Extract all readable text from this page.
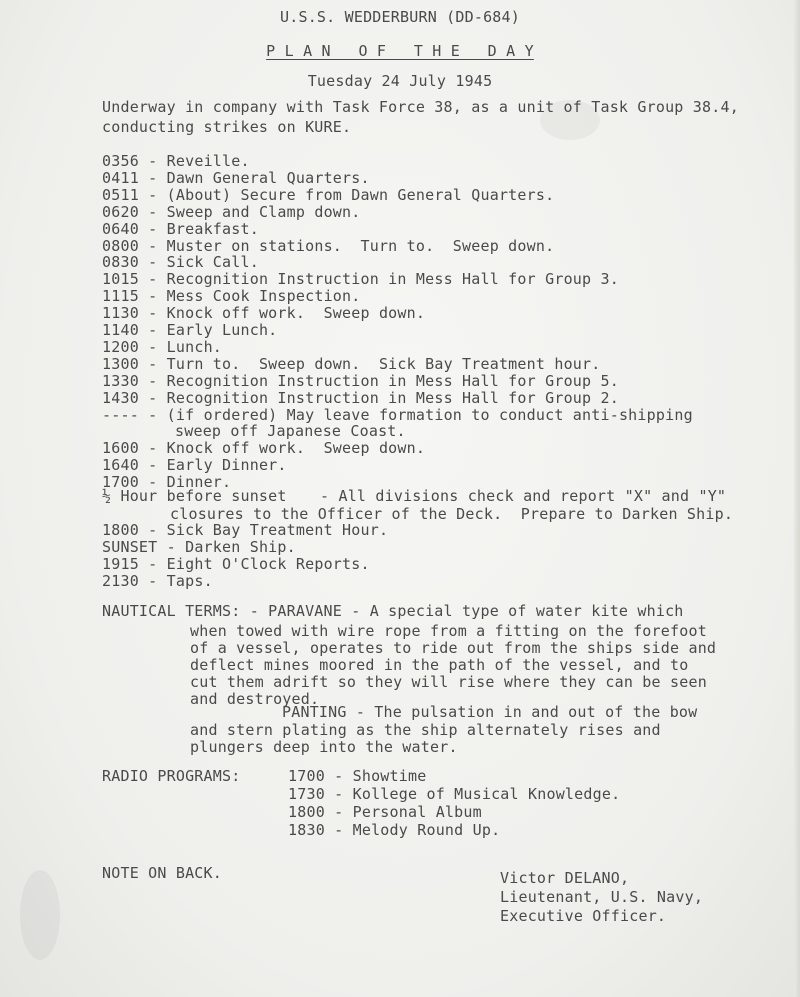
U.S.S. WEDDERBURN (DD-684)
P L A N   O F   T H E   D A Y
Tuesday 24 July 1945
Underway in company with Task Force 38, as a unit of Task Group 38.4,
conducting strikes on KURE.
0356 - Reveille.
0411 - Dawn General Quarters.
0511 - (About) Secure from Dawn General Quarters.
0620 - Sweep and Clamp down.
0640 - Breakfast.
0800 - Muster on stations.  Turn to.  Sweep down.
0830 - Sick Call.
1015 - Recognition Instruction in Mess Hall for Group 3.
1115 - Mess Cook Inspection.
1130 - Knock off work.  Sweep down.
1140 - Early Lunch.
1200 - Lunch.
1300 - Turn to.  Sweep down.  Sick Bay Treatment hour.
1330 - Recognition Instruction in Mess Hall for Group 5.
1430 - Recognition Instruction in Mess Hall for Group 2.
---- - (if ordered) May leave formation to conduct anti-shipping
sweep off Japanese Coast.
1600 - Knock off work.  Sweep down.
1640 - Early Dinner.
1700 - Dinner.
½ Hour before sunset - All divisions check and report "X" and "Y"
closures to the Officer of the Deck.  Prepare to Darken Ship.
1800 - Sick Bay Treatment Hour.
SUNSET - Darken Ship.
1915 - Eight O'Clock Reports.
2130 - Taps.
NAUTICAL TERMS: - PARAVANE - A special type of water kite which
when towed with wire rope from a fitting on the forefoot
of a vessel, operates to ride out from the ships side and
deflect mines moored in the path of the vessel, and to
cut them adrift so they will rise where they can be seen
and destroyed.
PANTING - The pulsation in and out of the bow
and stern plating as the ship alternately rises and
plungers deep into the water.
RADIO PROGRAMS:	1700 - Showtime
1730 - Kollege of Musical Knowledge.
1800 - Personal Album
1830 - Melody Round Up.
NOTE ON BACK.	Victor DELANO,
Lieutenant, U.S. Navy,
Executive Officer.
